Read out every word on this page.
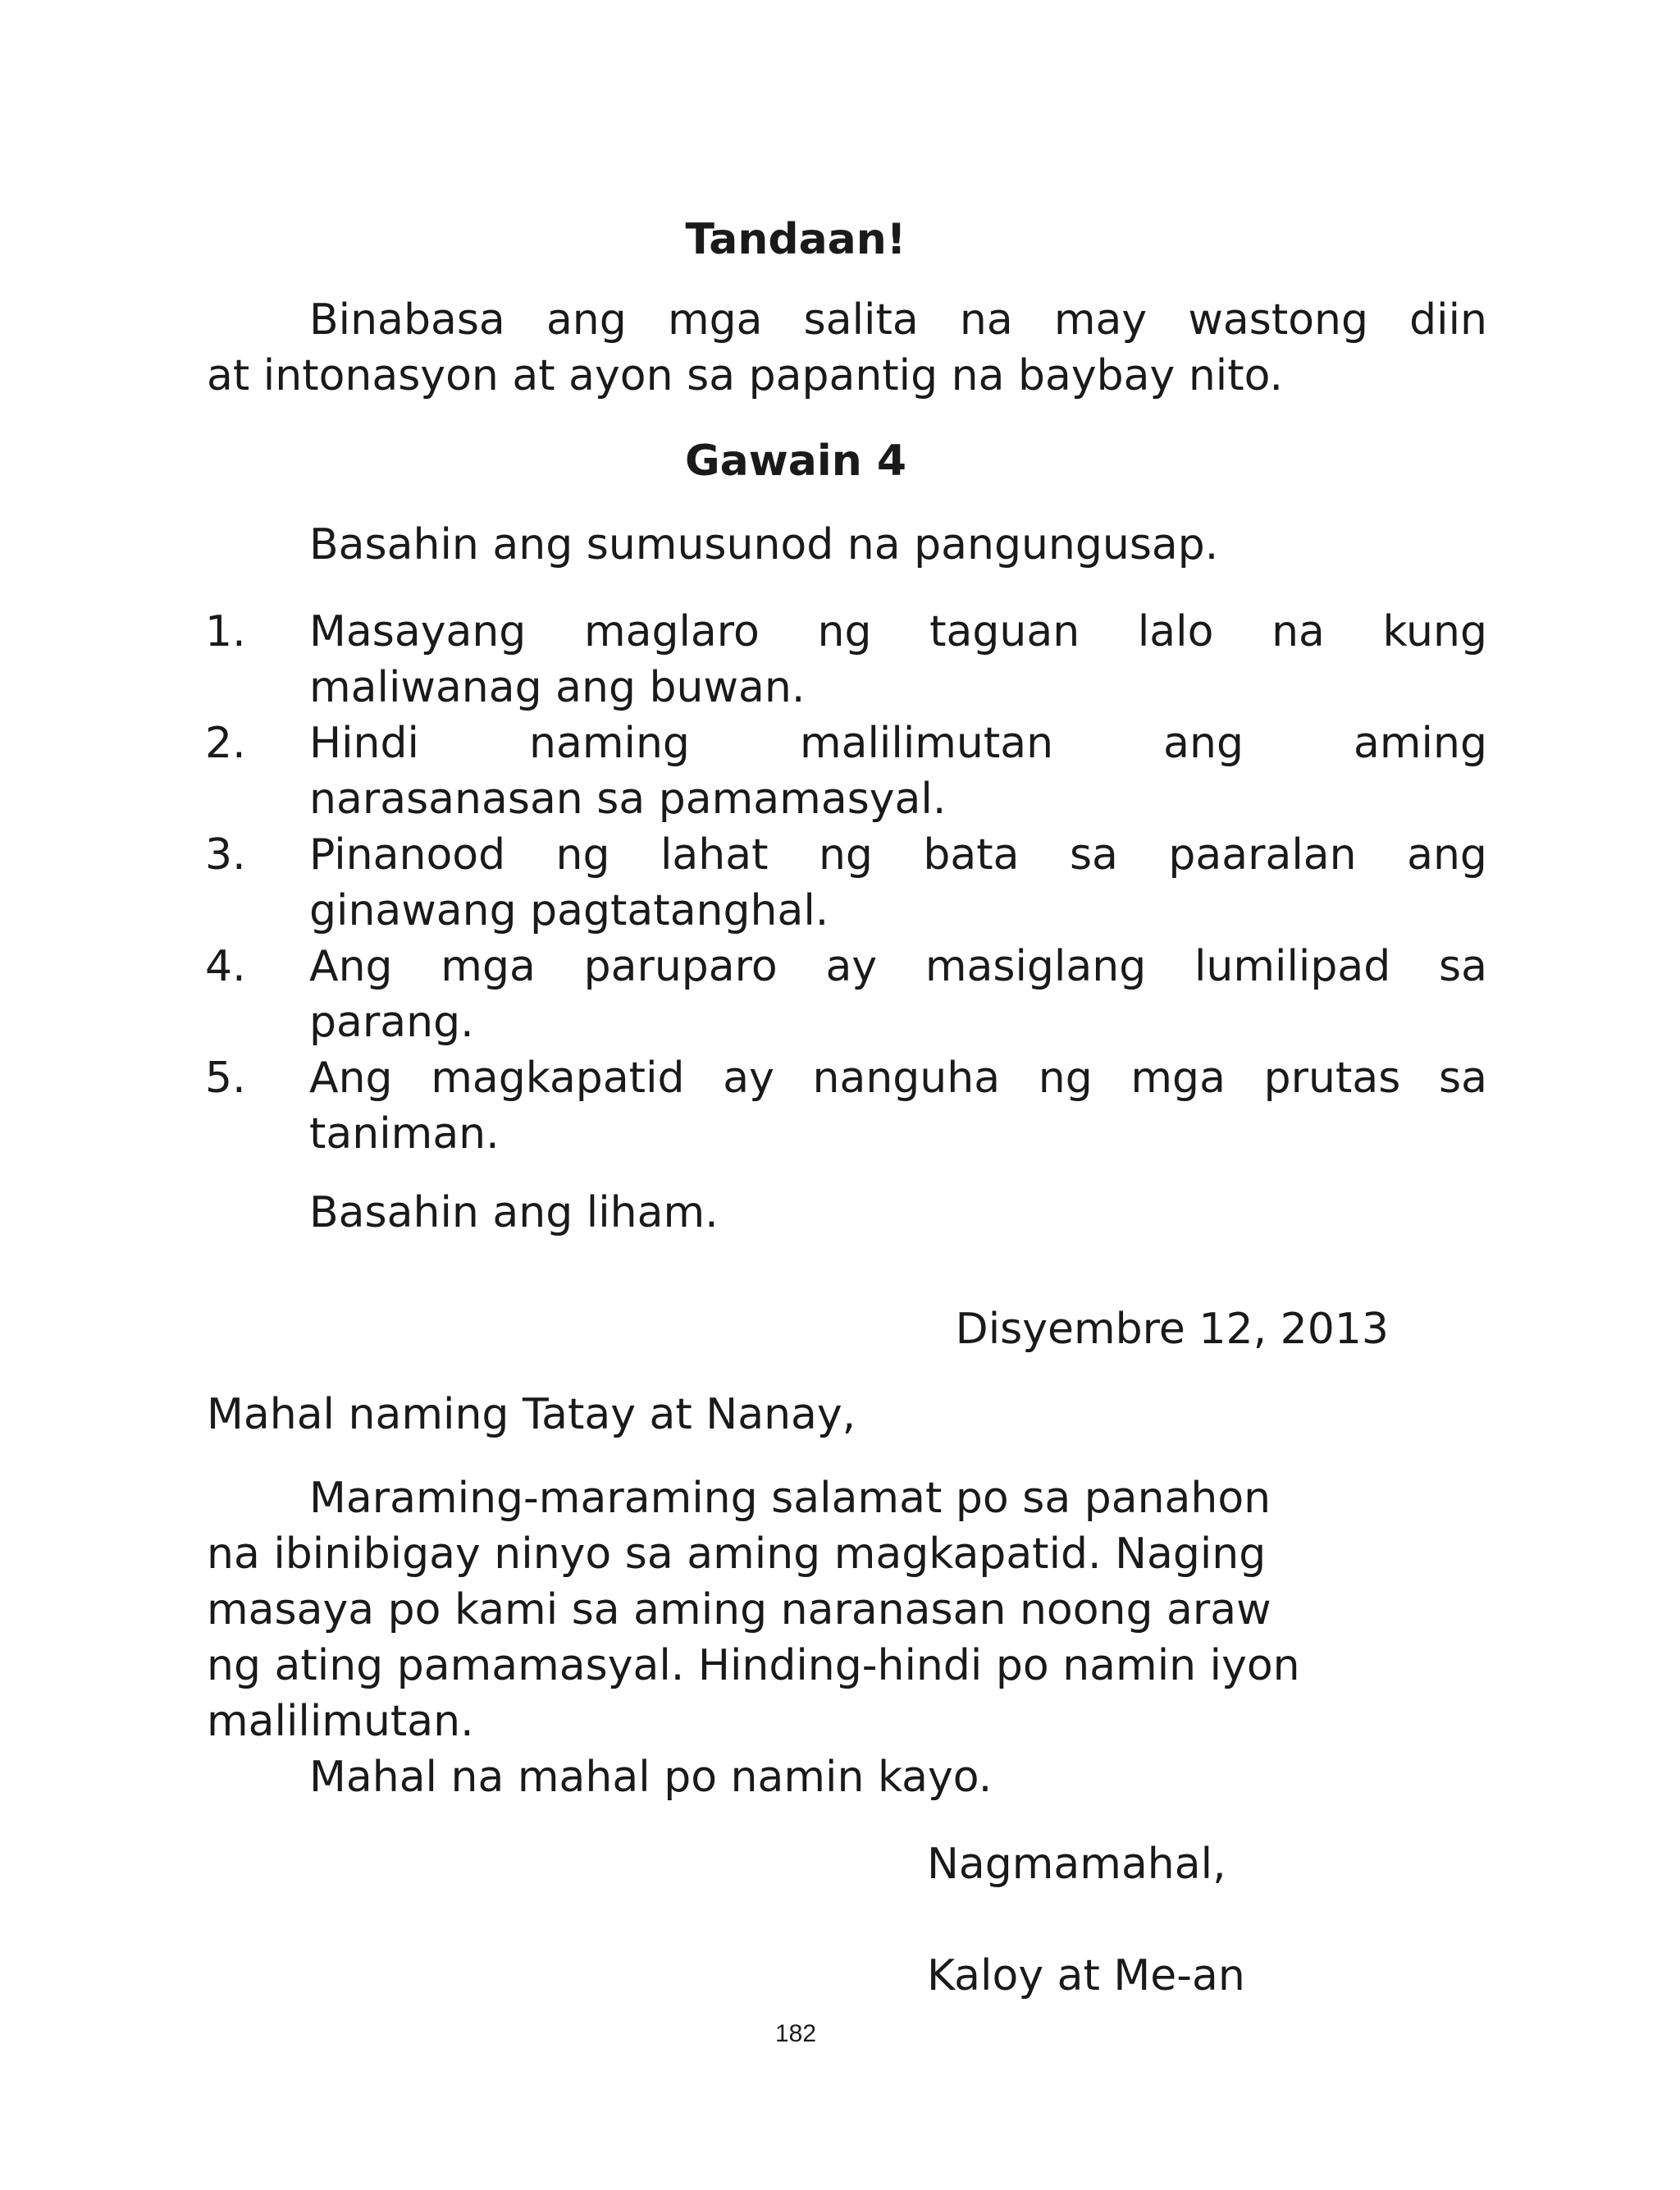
Tandaan!
Binabasa ang mga salita na may wastong diin
at intonasyon at ayon sa papantig na baybay nito.
Gawain 4
Basahin ang sumusunod na pangungusap.
1. Masayang maglaro ng taguan lalo na kung
maliwanag ang buwan.
2. Hindi	naming	malilimutan	ang	aming
narasanasan sa pamamasyal.
3. Pinanood ng lahat ng bata sa paaralan ang
ginawang pagtatanghal.
4. Ang mga paruparo ay masiglang lumilipad sa
parang.
5. Ang magkapatid ay nanguha ng mga prutas sa
taniman.
Basahin ang liham.
Disyembre 12, 2013
Mahal naming Tatay at Nanay,
Maraming-maraming salamat po sa panahon
na ibinibigay ninyo sa aming magkapatid. Naging
masaya po kami sa aming naranasan noong araw
ng ating pamamasyal. Hinding-hindi po namin iyon
malilimutan.
Mahal na mahal po namin kayo.
Nagmamahal,
Kaloy at Me-an
182
